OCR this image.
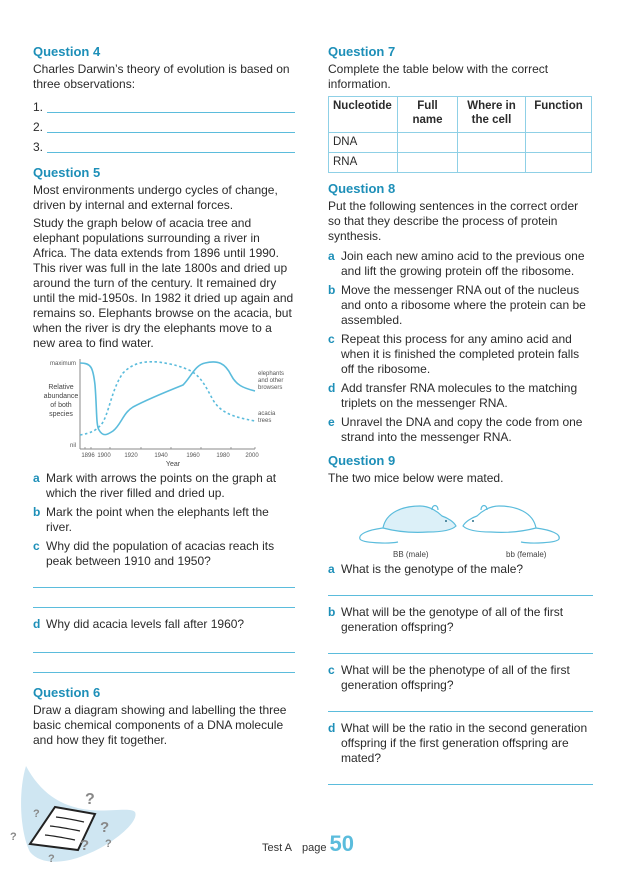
Question 4

Charles Darwin’s theory of evolution is based on three observations:

1.
2.
3.
Question 5

Most environments undergo cycles of change, driven by internal and external forces.

Study the graph below of acacia tree and elephant populations surrounding a river in Africa. The data extends from 1896 until 1990. This river was full in the late 1800s and dried up around the turn of the century. It remained dry until the mid-1950s. In 1982 it dried up again and remains so. Elephants browse on the acacia, but when the river is dry the elephants move to a new area to find water.

maximum
nil
Relative
abundance
of both
species
1896 1900 1920	1940	1960	1980	2000
Year
elephants
and other
browsers
acacia
trees
a Mark with arrows the points on the graph at which the river filled and dried up.
b Mark the point when the elephants left the river.
c Why did the population of acacias reach its peak between 1910 and 1950?
d Why did acacia levels fall after 1960?
Question 6

Draw a diagram showing and labelling the three basic chemical components of a DNA molecule and how they fit together.

Question 7

Complete the table below with the correct information.

Nucleotide	Full name	Where in the cell	Function
DNA			
RNA			
Question 8

Put the following sentences in the correct order so that they describe the process of protein synthesis.

a Join each new amino acid to the previous one and lift the growing protein off the ribosome.
b Move the messenger RNA out of the nucleus and onto a ribosome where the protein can be assembled.
c Repeat this process for any amino acid and when it is finished the completed protein falls off the ribosome.
d Add transfer RNA molecules to the matching triplets on the messenger RNA.
e Unravel the DNA and copy the code from one strand into the messenger RNA.
Question 9

The two mice below were mated.

BB (male)	bb (female)
a What is the genotype of the male?
b What will be the genotype of all of the first generation offspring?
c What will be the phenotype of all of the first generation offspring?
d What will be the ratio in the second generation offspring if the first generation offspring are mated?
?
?
?
?
? ?
?
Test A page 50
